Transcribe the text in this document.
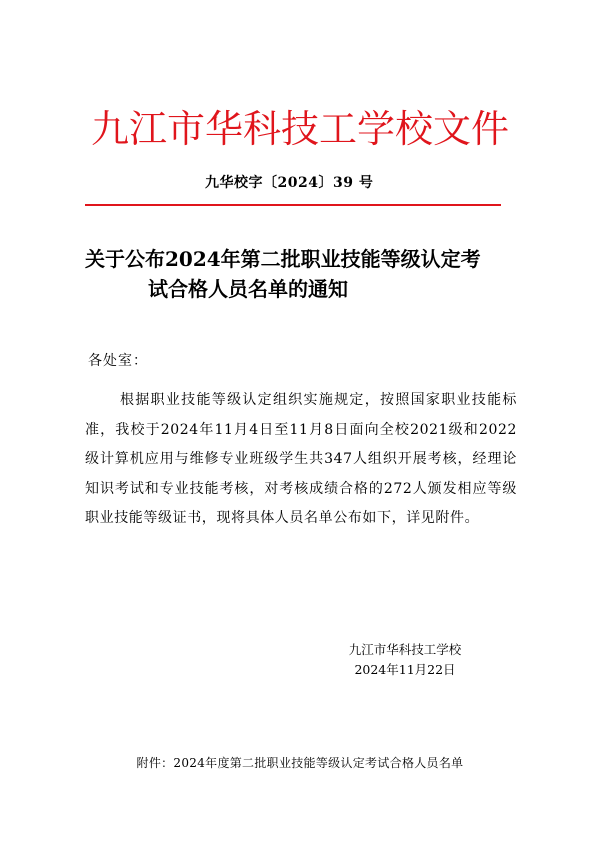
九江市华科技工学校文件
九华校字〔2024〕39 号
关于公布2024年第二批职业技能等级认定考
试合格人员名单的通知
各处室：
根据职业技能等级认定组织实施规定，按照国家职业技能标准，我校于2024年11月4日至11月8日面向全校2021级和2022级计算机应用与维修专业班级学生共347人组织开展考核，经理论知识考试和专业技能考核，对考核成绩合格的272人颁发相应等级职业技能等级证书，现将具体人员名单公布如下，详见附件。
九江市华科技工学校
2024年11月22日
附件：2024年度第二批职业技能等级认定考试合格人员名单
